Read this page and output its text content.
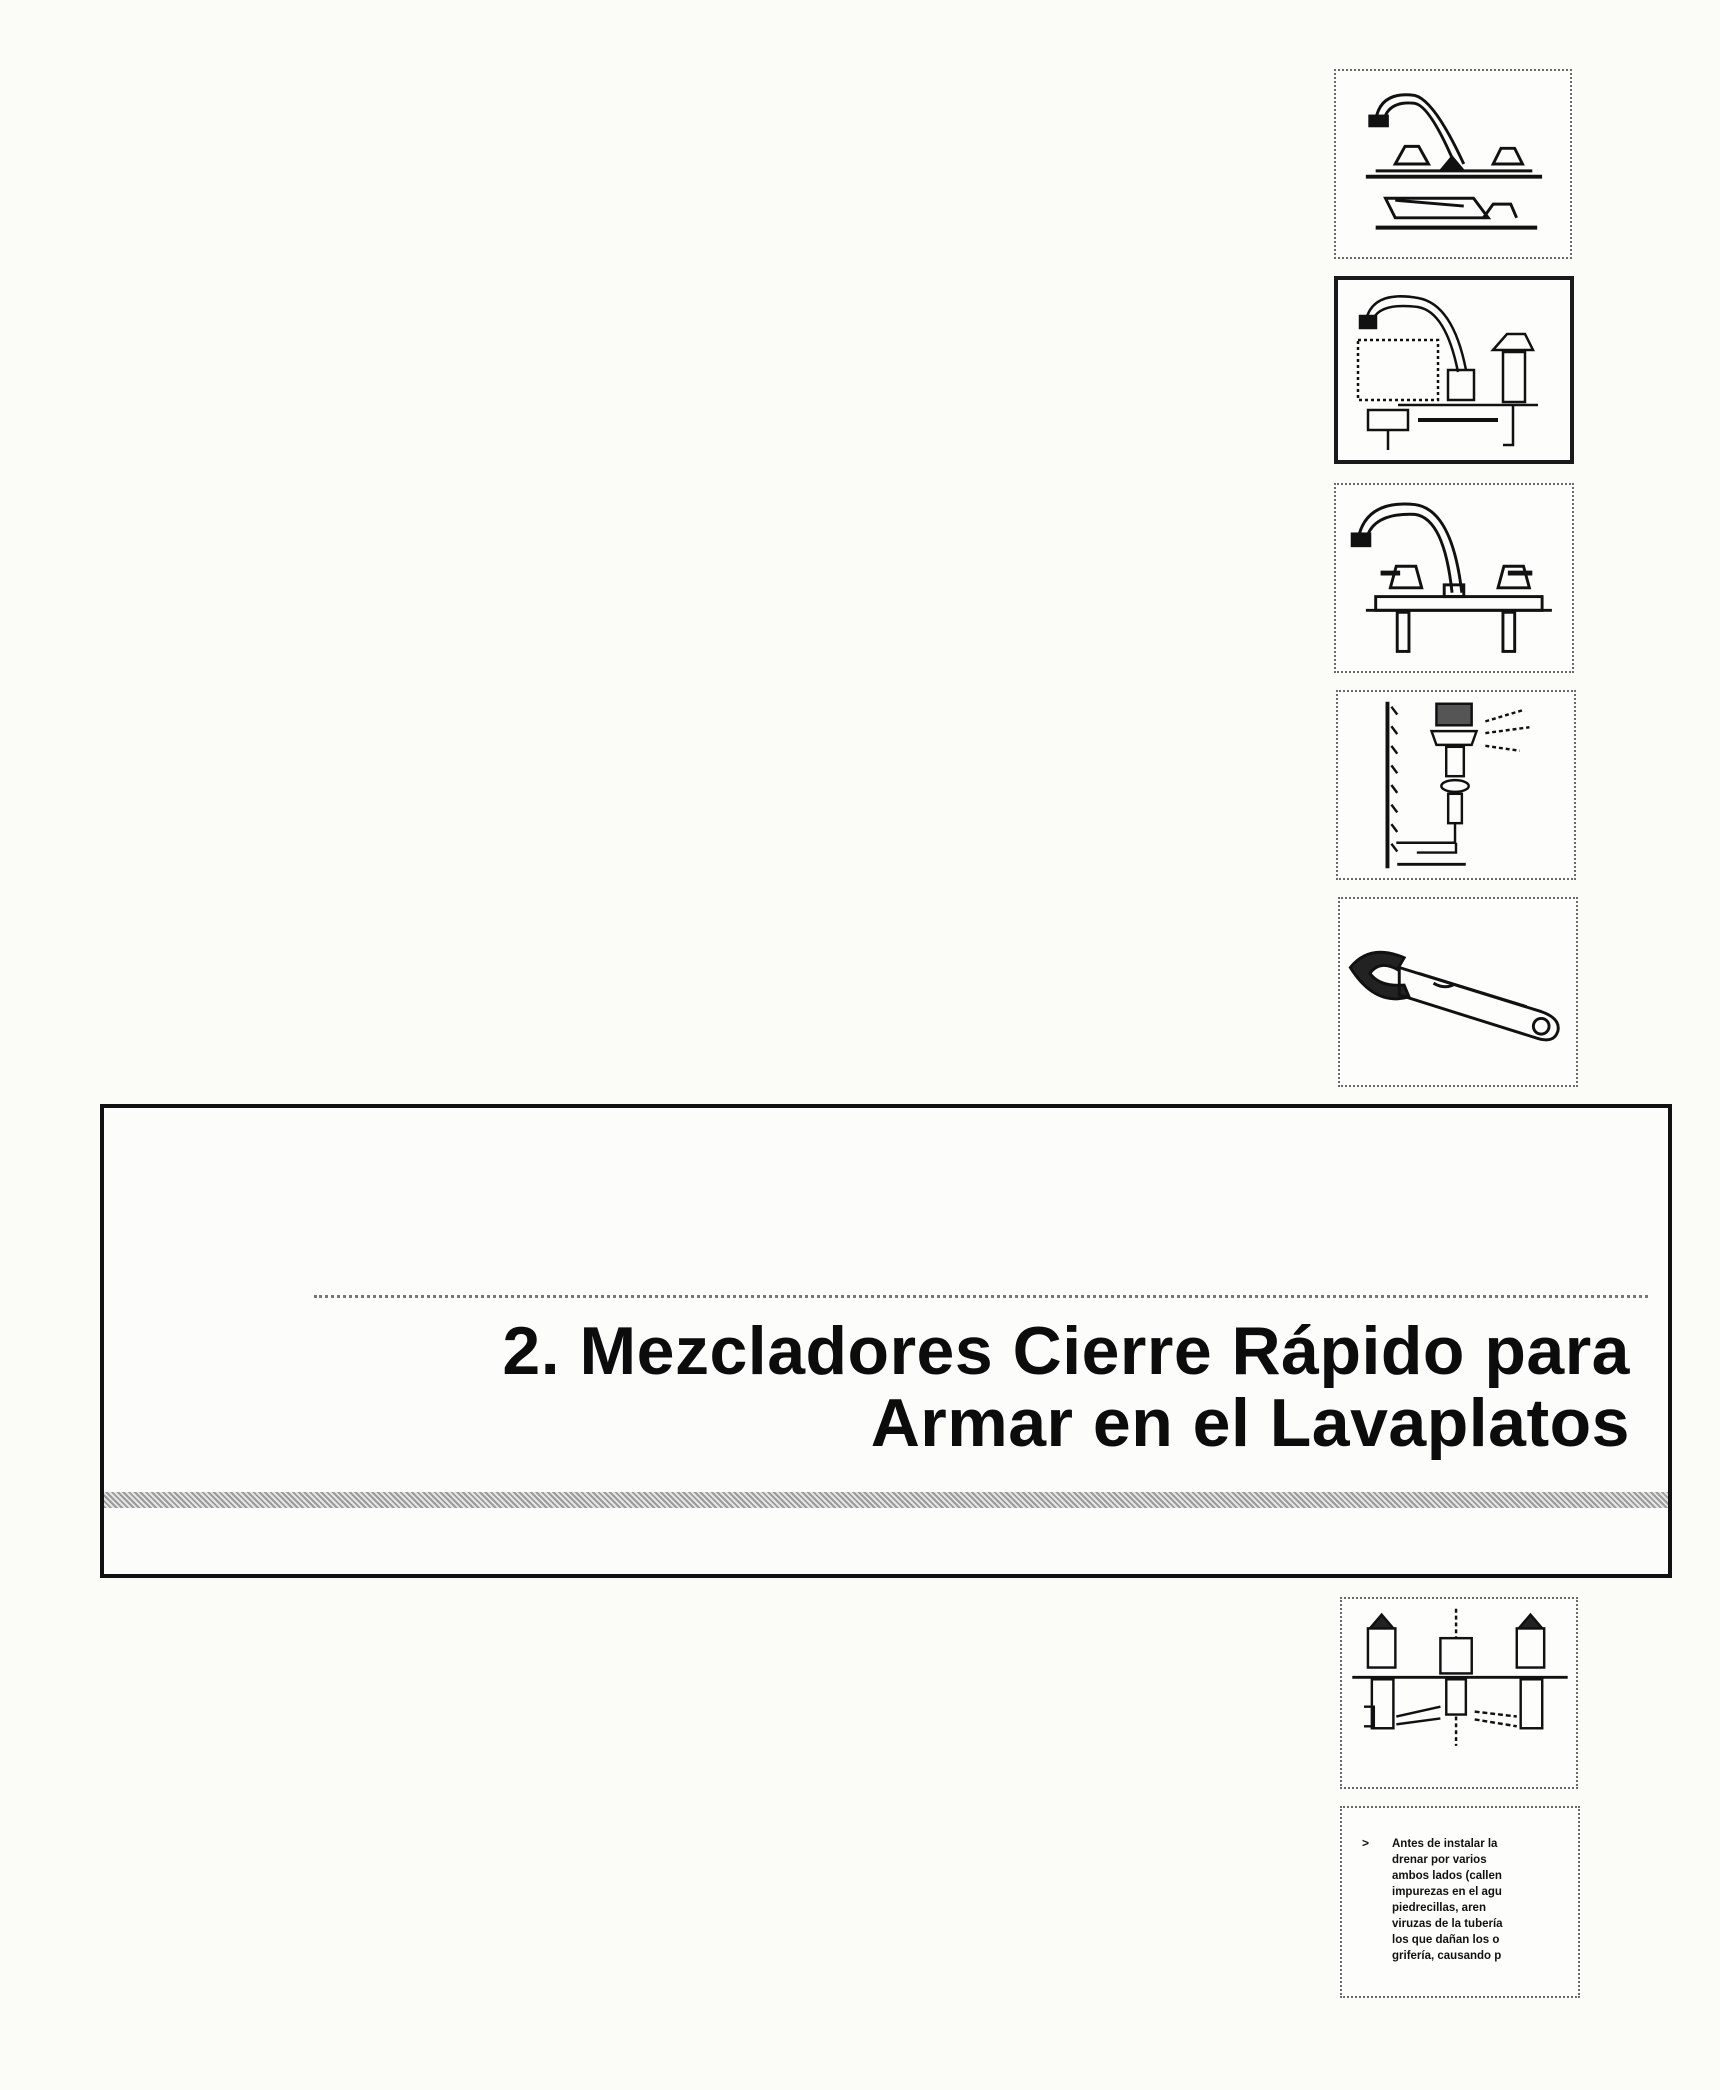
2. Mezcladores Cierre Rápido para
Armar en el Lavaplatos
> Antes de instalar la
drenar por varios
ambos lados (callen
impurezas en el agu
piedrecillas, aren
viruzas de la tubería
los que dañan los o
grifería, causando p
